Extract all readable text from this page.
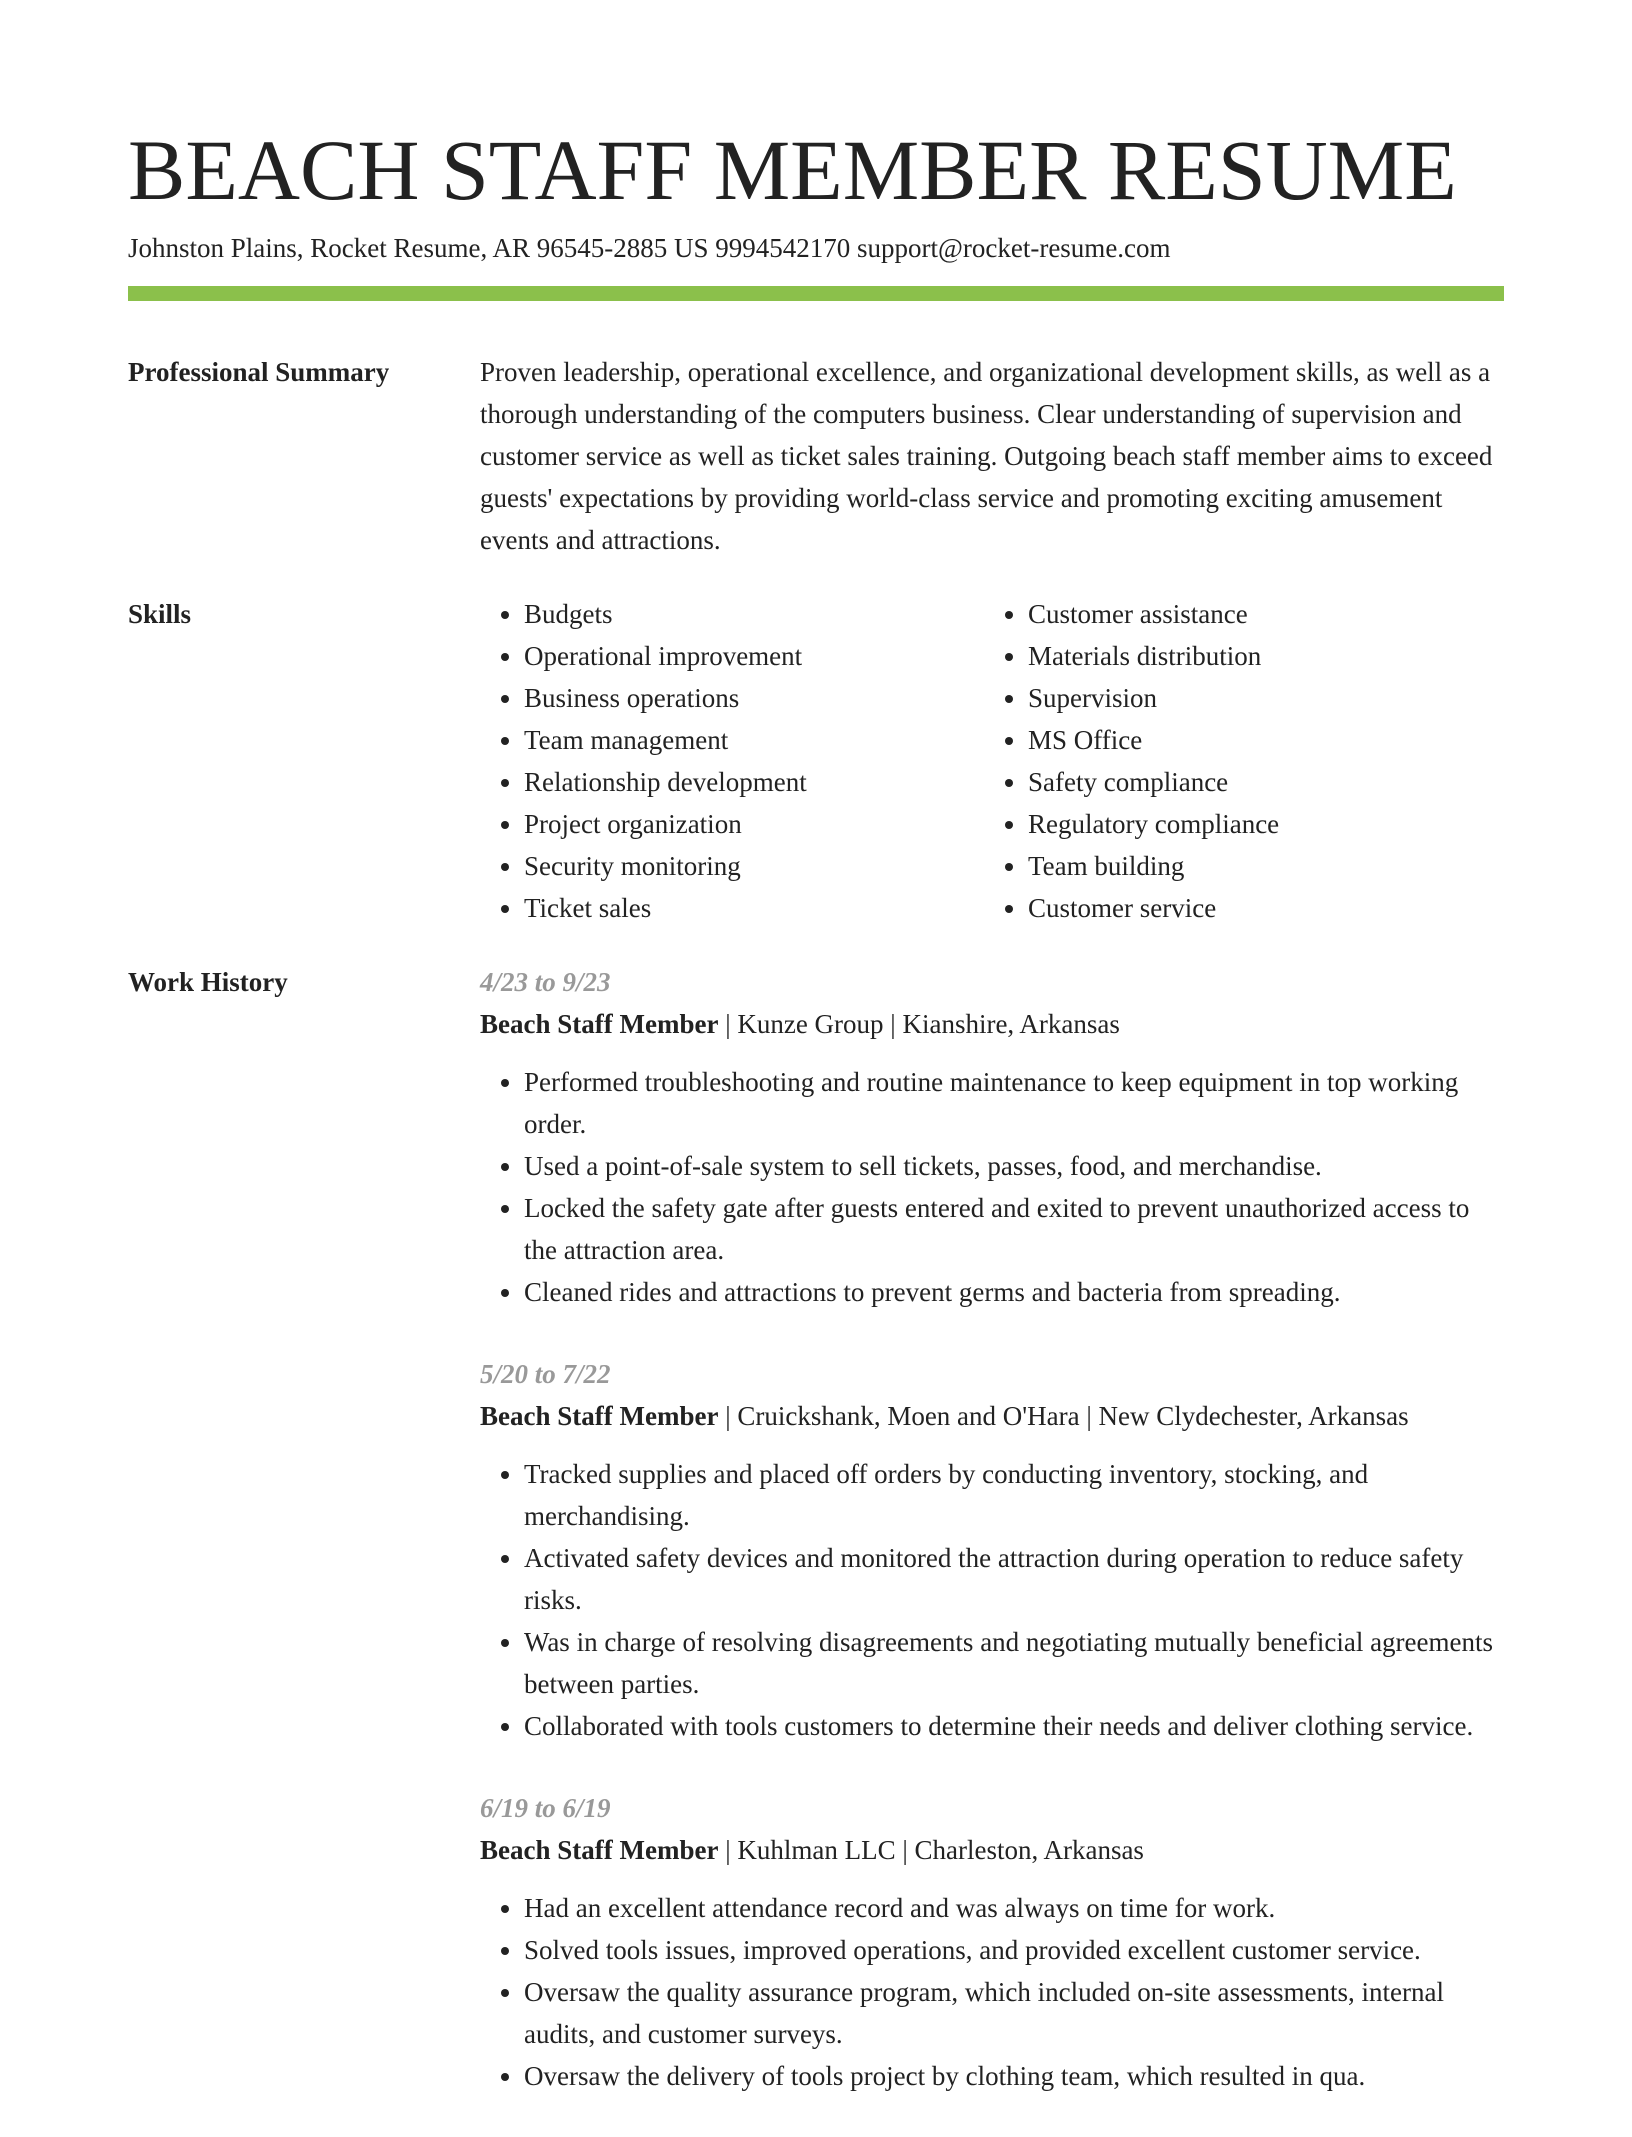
BEACH STAFF MEMBER RESUME
Johnston Plains, Rocket Resume, AR 96545-2885 US 9994542170 support@rocket-resume.com
Professional Summary	Proven leadership, operational excellence, and organizational development skills, as well as a thorough understanding of the computers business. Clear understanding of supervision and customer service as well as ticket sales training. Outgoing beach staff member aims to exceed guests' expectations by providing world-class service and promoting exciting amusement events and attractions.

Skills
•	Budgets
• Operational improvement
• Business operations
• Team management
• Relationship development
• Project organization
• Security monitoring
• Ticket sales
• Customer assistance
• Materials distribution
• Supervision
• MS Office
• Safety compliance
• Regulatory compliance
• Team building
• Customer service
Work History	4/23 to 9/23
Beach Staff Member | Kunze Group | Kianshire, Arkansas
• Performed troubleshooting and routine maintenance to keep equipment in top working order.
• Used a point-of-sale system to sell tickets, passes, food, and merchandise.
• Locked the safety gate after guests entered and exited to prevent unauthorized access to the attraction area.
• Cleaned rides and attractions to prevent germs and bacteria from spreading.
5/20 to 7/22
Beach Staff Member | Cruickshank, Moen and O'Hara | New Clydechester, Arkansas
• Tracked supplies and placed off orders by conducting inventory, stocking, and merchandising.
• Activated safety devices and monitored the attraction during operation to reduce safety risks.
• Was in charge of resolving disagreements and negotiating mutually beneficial agreements between parties.
• Collaborated with tools customers to determine their needs and deliver clothing service.
6/19 to 6/19
Beach Staff Member | Kuhlman LLC | Charleston, Arkansas
• Had an excellent attendance record and was always on time for work.
• Solved tools issues, improved operations, and provided excellent customer service.
• Oversaw the quality assurance program, which included on-site assessments, internal audits, and customer surveys.
• Oversaw the delivery of tools project by clothing team, which resulted in qua.
